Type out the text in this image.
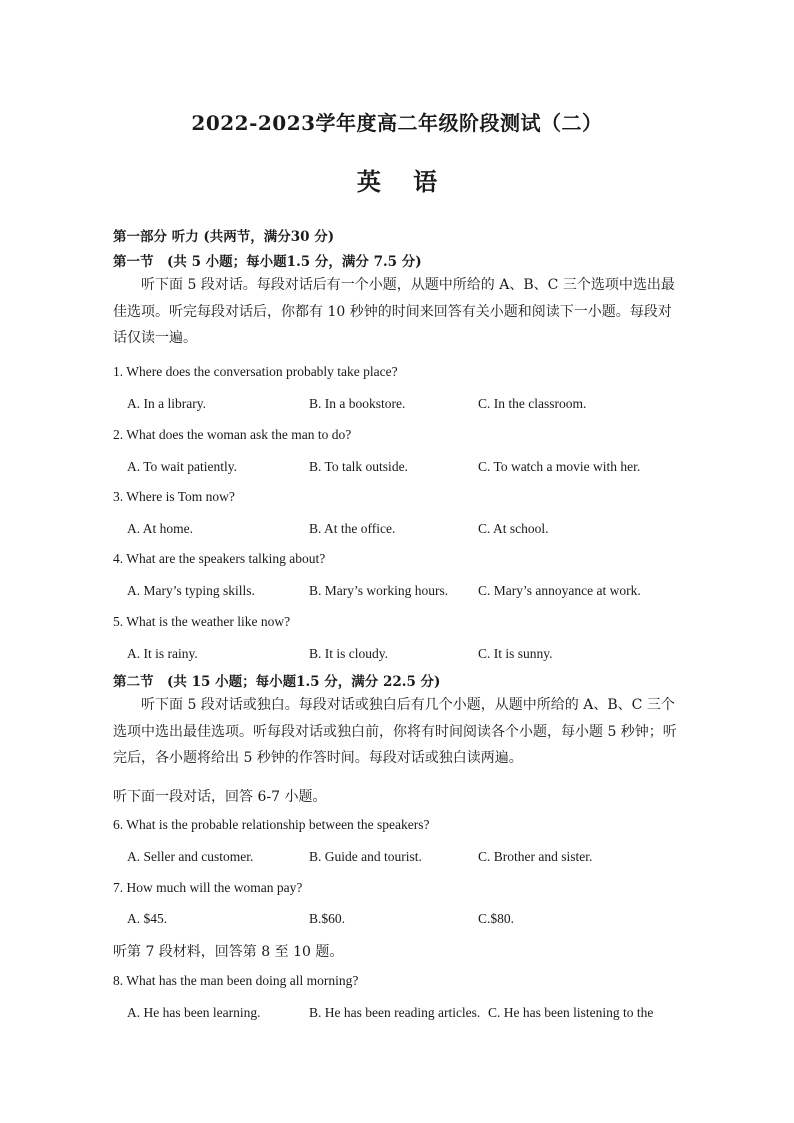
2022-2023学年度高二年级阶段测试（二）
英 语
第一部分 听力 (共两节，满分30 分)
第一节　(共 5 小题；每小题1.5 分，满分 7.5 分)
听下面 5 段对话。每段对话后有一个小题，从题中所给的 A、B、C 三个选项中选出最佳选项。听完每段对话后，你都有 10 秒钟的时间来回答有关小题和阅读下一小题。每段对话仅读一遍。
1. Where does the conversation probably take place?
A. In a library.	B. In a bookstore.	C. In the classroom.
2. What does the woman ask the man to do?
A. To wait patiently.	B. To talk outside.	C. To watch a movie with her.
3. Where is Tom now?
A. At home.	B. At the office.	C. At school.
4. What are the speakers talking about?
A. Mary’s typing skills.	B. Mary’s working hours. C. Mary’s annoyance at work.
5. What is the weather like now?
A. It is rainy.	B. It is cloudy.	C. It is sunny.
第二节　(共 15 小题；每小题1.5 分，满分 22.5 分)
听下面 5 段对话或独白。每段对话或独白后有几个小题，从题中所给的 A、B、C 三个选项中选出最佳选项。听每段对话或独白前，你将有时间阅读各个小题，每小题 5 秒钟；听完后，各小题将给出 5 秒钟的作答时间。每段对话或独白读两遍。
听下面一段对话，回答 6-7 小题。
6. What is the probable relationship between the speakers?
A. Seller and customer.	B. Guide and tourist.	C. Brother and sister.
7. How much will the woman pay?
A. $45.	B.$60.	C.$80.
听第 7 段材料，回答第 8 至 10 题。
8. What has the man been doing all morning?
A. He has been learning.	B. He has been reading articles. C. He has been listening to the
